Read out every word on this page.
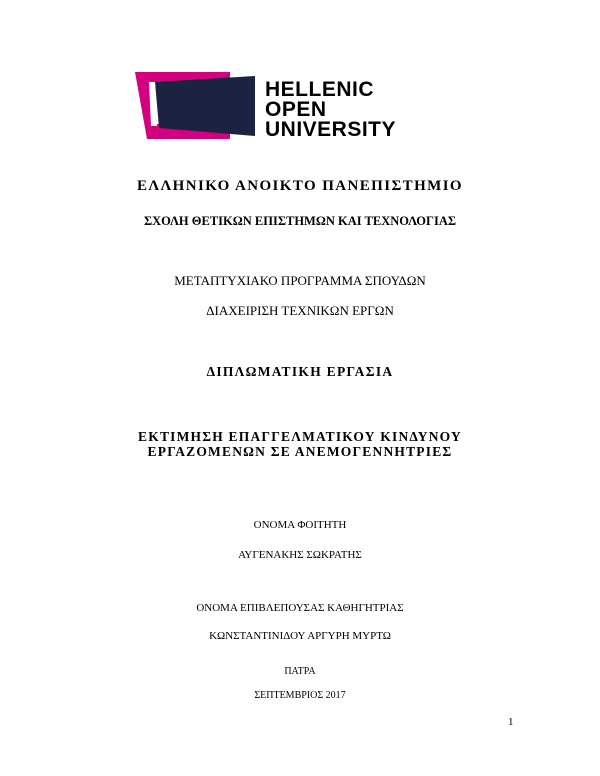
HELLENIC
OPEN
UNIVERSITY
ΕΛΛΗΝΙΚΟ ΑΝΟΙΚΤΟ ΠΑΝΕΠΙΣΤΗΜΙΟ
ΣΧΟΛΗ ΘΕΤΙΚΩΝ ΕΠΙΣΤΗΜΩΝ ΚΑΙ ΤΕΧΝΟΛΟΓΙΑΣ
ΜΕΤΑΠΤΥΧΙΑΚΟ ΠΡΟΓΡΑΜΜΑ ΣΠΟΥΔΩΝ
ΔΙΑΧΕΙΡΙΣΗ ΤΕΧΝΙΚΩΝ ΕΡΓΩΝ
ΔΙΠΛΩΜΑΤΙΚΗ ΕΡΓΑΣΙΑ
ΕΚΤΙΜΗΣΗ ΕΠΑΓΓΕΛΜΑΤΙΚΟΥ ΚΙΝΔΥΝΟΥ
ΕΡΓΑΖΟΜΕΝΩΝ ΣΕ ΑΝΕΜΟΓΕΝΝΗΤΡΙΕΣ
ΟΝΟΜΑ ΦΟΙΤΗΤΗ
ΑΥΓΕΝΑΚΗΣ ΣΩΚΡΑΤΗΣ
ΟΝΟΜΑ ΕΠΙΒΛΕΠΟΥΣΑΣ ΚΑΘΗΓΗΤΡΙΑΣ
ΚΩΝΣΤΑΝΤΙΝΙΔΟΥ ΑΡΓΥΡΗ ΜΥΡΤΩ
ΠΑΤΡΑ
ΣΕΠΤΕΜΒΡΙΟΣ 2017
1
